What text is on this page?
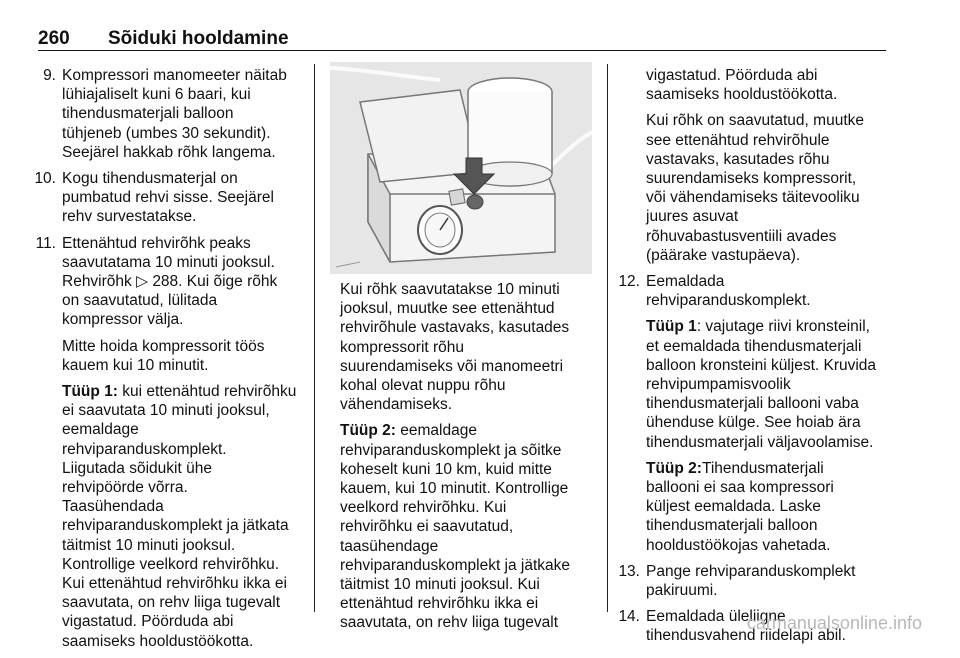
260 Sõiduki hooldamine
9. Kompressori manomeeter näitab
lühiajaliselt kuni 6 baari, kui
tihendusmaterjali balloon
tühjeneb (umbes 30 sekundit).
Seejärel hakkab rõhk langema.
10. Kogu tihendusmaterjal on
pumbatud rehvi sisse. Seejärel
rehv survestatakse.
11. Ettenähtud rehvirõhk peaks
saavutatama 10 minuti jooksul.
Rehvirõhk ▷ 288. Kui õige rõhk
on saavutatud, lülitada
kompressor välja.
Mitte hoida kompressorit töös
kauem kui 10 minutit.
Tüüp 1: kui ettenähtud rehvirõhku
ei saavutata 10 minuti jooksul,
eemaldage
rehviparanduskomplekt.
Liigutada sõidukit ühe
rehvipöörde võrra.
Taasühendada
rehviparanduskomplekt ja jätkata
täitmist 10 minuti jooksul.
Kontrollige veelkord rehvirõhku.
Kui ettenähtud rehvirõhku ikka ei
saavutata, on rehv liiga tugevalt
vigastatud. Pöörduda abi
saamiseks hooldustöökotta.
Kui rõhk saavutatakse 10 minuti
jooksul, muutke see ettenähtud
rehvirõhule vastavaks, kasutades
kompressorit rõhu
suurendamiseks või manomeetri
kohal olevat nuppu rõhu
vähendamiseks.
Tüüp 2: eemaldage
rehviparanduskomplekt ja sõitke
koheselt kuni 10 km, kuid mitte
kauem, kui 10 minutit. Kontrollige
veelkord rehvirõhku. Kui
rehvirõhku ei saavutatud,
taasühendage
rehviparanduskomplekt ja jätkake
täitmist 10 minuti jooksul. Kui
ettenähtud rehvirõhku ikka ei
saavutata, on rehv liiga tugevalt
vigastatud. Pöörduda abi
saamiseks hooldustöökotta.
Kui rõhk on saavutatud, muutke
see ettenähtud rehvirõhule
vastavaks, kasutades rõhu
suurendamiseks kompressorit,
või vähendamiseks täitevooliku
juures asuvat
rõhuvabastusventiili avades
(päärake vastupäeva).
12. Eemaldada
rehviparanduskomplekt.
Tüüp 1: vajutage riivi kronsteinil,
et eemaldada tihendusmaterjali
balloon kronsteini küljest. Kruvida
rehvipumpamisvoolik
tihendusmaterjali ballooni vaba
ühenduse külge. See hoiab ära
tihendusmaterjali väljavoolamise.
Tüüp 2:Tihendusmaterjali
ballooni ei saa kompressori
küljest eemaldada. Laske
tihendusmaterjali balloon
hooldustöökojas vahetada.
13. Pange rehviparanduskomplekt
pakiruumi.
14. Eemaldada üleliigne
tihendusvahend riidelapi abil.
carmanualsonline.info
